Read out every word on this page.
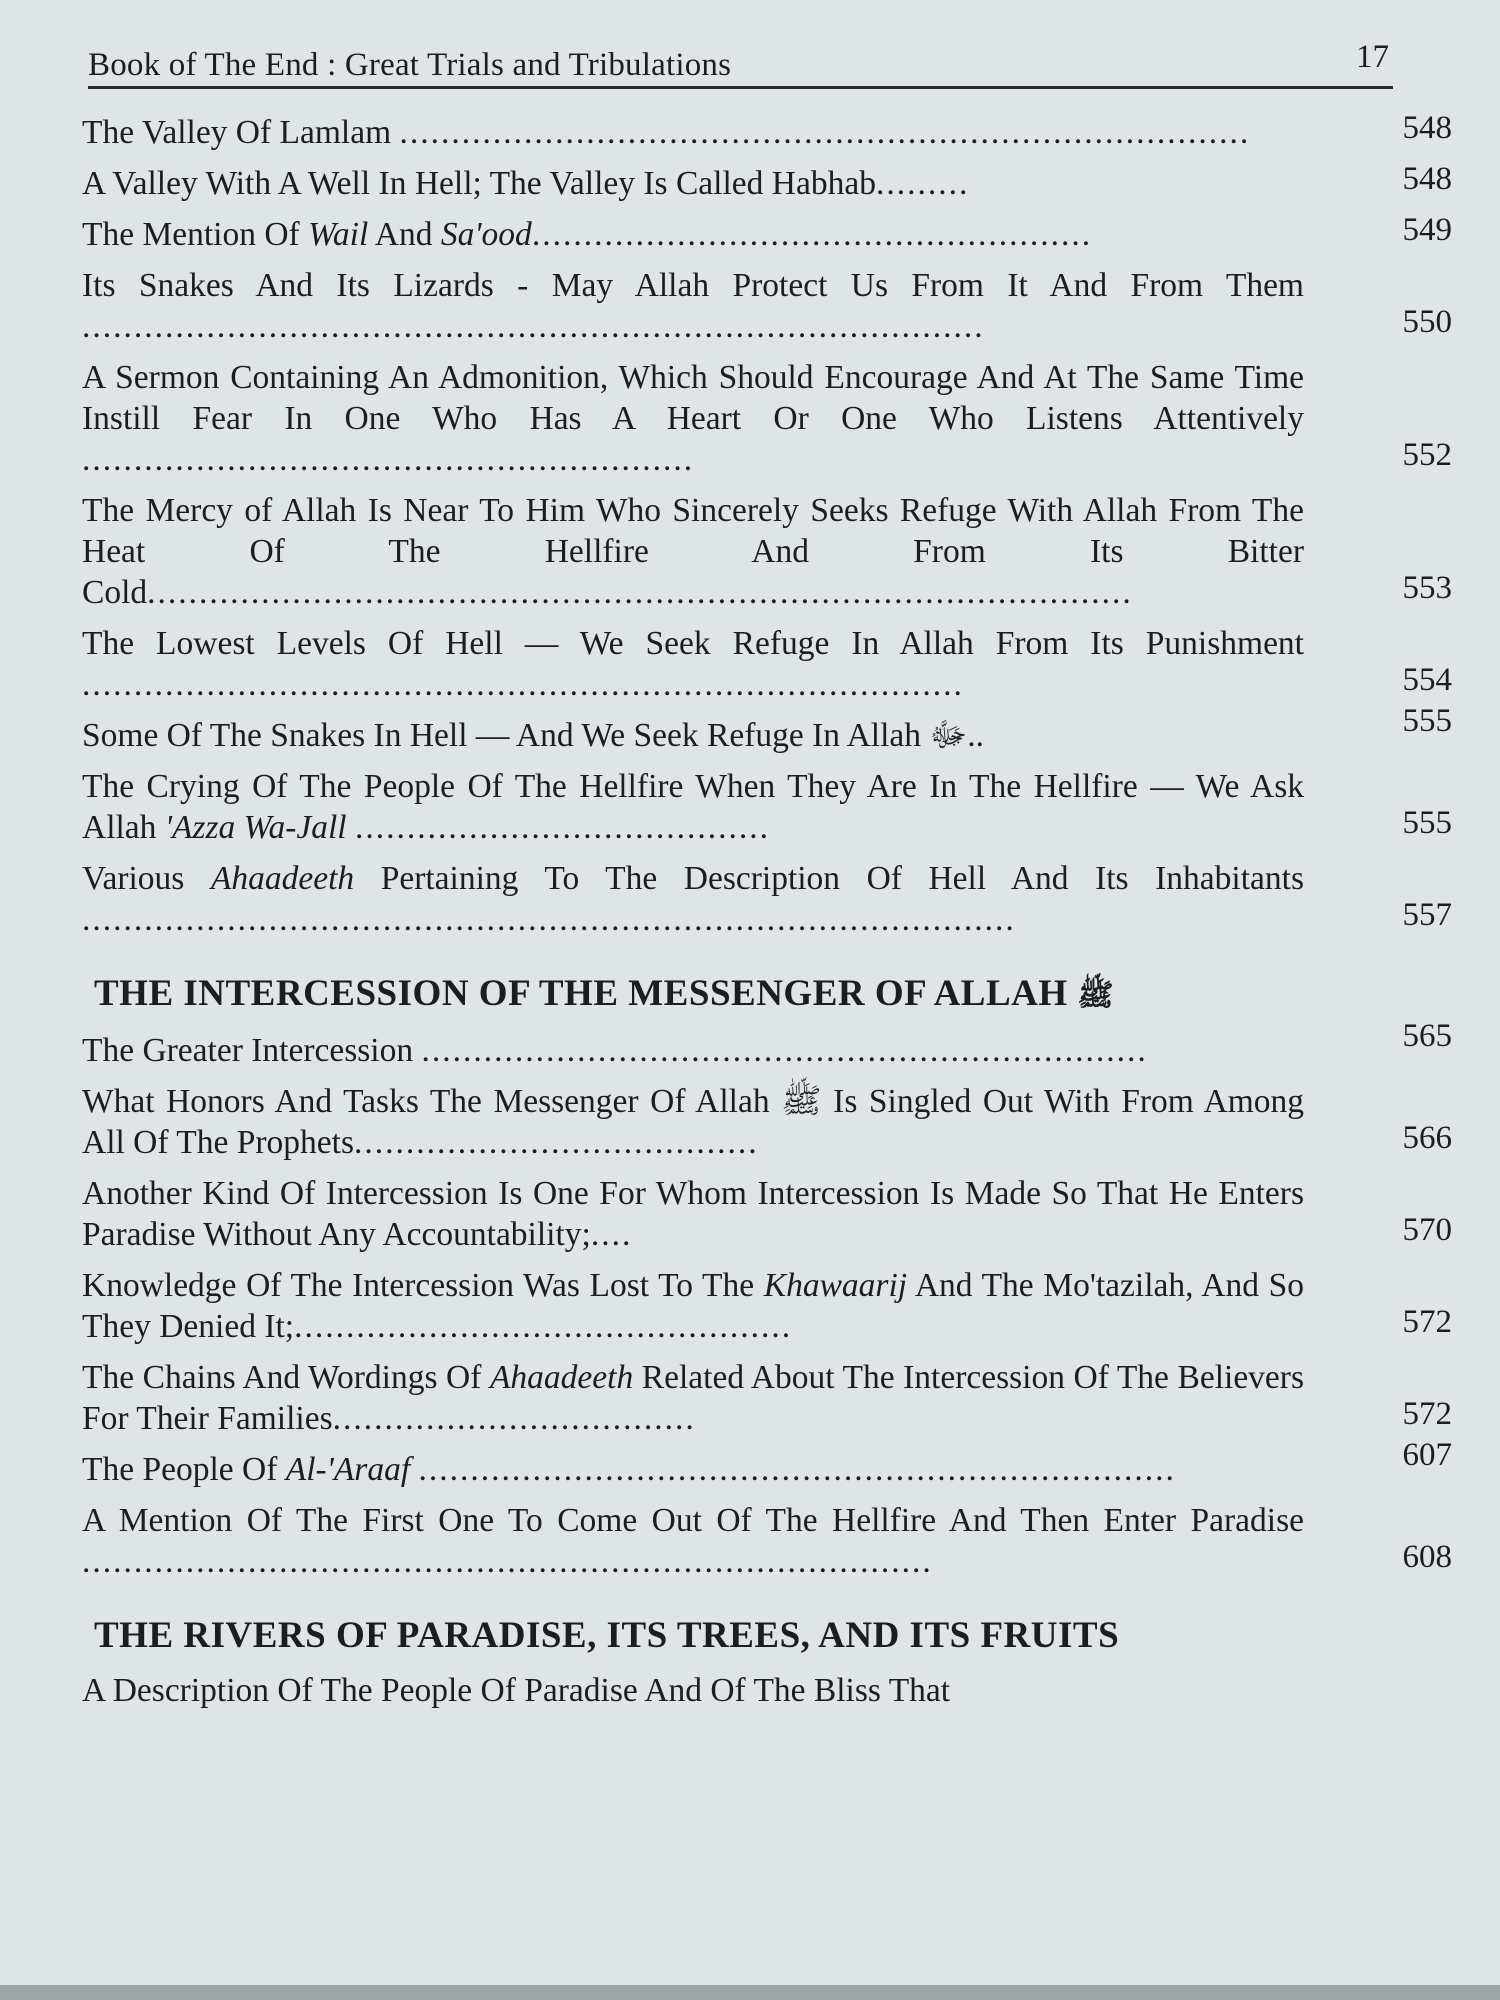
Book of The End : Great Trials and Tribulations	17
The Valley Of Lamlam ..................................................................................	548
A Valley With A Well In Hell; The Valley Is Called Habhab.........	548
The Mention Of Wail And Sa'ood......................................................	549
Its Snakes And Its Lizards - May Allah Protect Us From It And From Them .......................................................................................	550
A Sermon Containing An Admonition, Which Should Encourage And At The Same Time Instill Fear In One Who Has A Heart Or One Who Listens Attentively ...........................................................	552
The Mercy of Allah Is Near To Him Who Sincerely Seeks Refuge With Allah From The Heat Of The Hellfire And From Its Bitter Cold...............................................................................................	553
The Lowest Levels Of Hell — We Seek Refuge In Allah From Its Punishment .....................................................................................	554
Some Of The Snakes In Hell — And We Seek Refuge In Allah ﷻ..	555
The Crying Of The People Of The Hellfire When They Are In The Hellfire — We Ask Allah 'Azza Wa-Jall ........................................	555
Various Ahaadeeth Pertaining To The Description Of Hell And Its Inhabitants ..........................................................................................	557
THE INTERCESSION OF THE MESSENGER OF ALLAH ﷺ
The Greater Intercession ......................................................................	565
What Honors And Tasks The Messenger Of Allah ﷺ Is Singled Out With From Among All Of The Prophets.......................................	566
Another Kind Of Intercession Is One For Whom Intercession Is Made So That He Enters Paradise Without Any Accountability;....	570
Knowledge Of The Intercession Was Lost To The Khawaarij And The Mo'tazilah, And So They Denied It;................................................	572
The Chains And Wordings Of Ahaadeeth Related About The Intercession Of The Believers For Their Families...................................	572
The People Of Al-'Araaf .........................................................................	607
A Mention Of The First One To Come Out Of The Hellfire And Then Enter Paradise ..................................................................................	608
THE RIVERS OF PARADISE, ITS TREES, AND ITS FRUITS
A Description Of The People Of Paradise And Of The Bliss That
